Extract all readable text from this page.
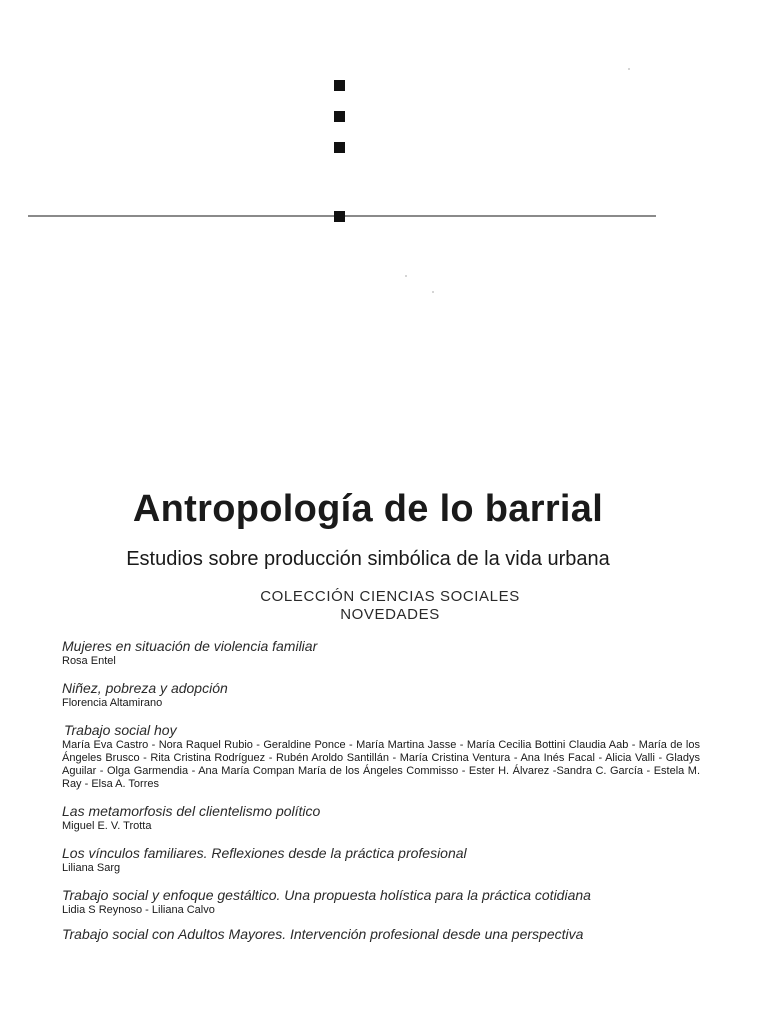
Antropología de lo barrial
Estudios sobre producción simbólica de la vida urbana
COLECCIÓN CIENCIAS SOCIALES
NOVEDADES
Mujeres en situación de violencia familiar
Rosa Entel
Niñez, pobreza y adopción
Florencia Altamirano
Trabajo social hoy
María Eva Castro - Nora Raquel Rubio - Geraldine Ponce - María Martina Jasse - María Cecilia Bottini Claudia Aab - María de los Ángeles Brusco - Rita Cristina Rodríguez - Rubén Aroldo Santillán - María Cristina Ventura - Ana Inés Facal - Alicia Valli - Gladys Aguilar - Olga Garmendia - Ana María Compan María de los Ángeles Commisso - Ester H. Álvarez -Sandra C. García - Estela M. Ray - Elsa A. Torres
Las metamorfosis del clientelismo político
Miguel E. V. Trotta
Los vínculos familiares. Reflexiones desde la práctica profesional
Liliana Sarg
Trabajo social y enfoque gestáltico. Una propuesta holística para la práctica cotidiana
Lidia S Reynoso - Liliana Calvo
Trabajo social con Adultos Mayores. Intervención profesional desde una perspectiva
